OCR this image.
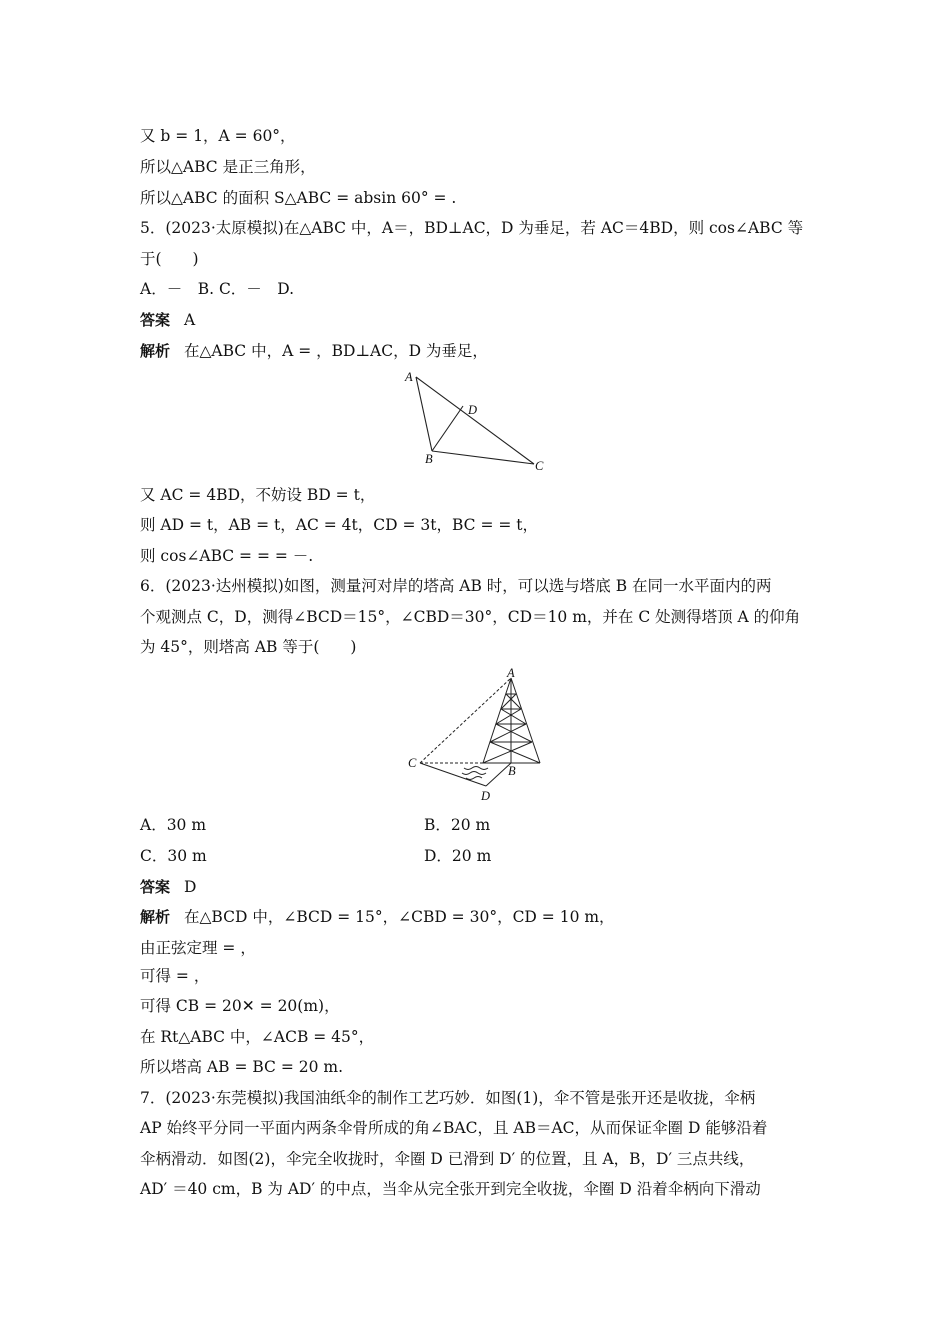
又 b = 1，A = 60°，
所以△ABC 是正三角形，
所以△ABC 的面积 S△ABC = absin 60° = .
5．(2023·太原模拟)在△ABC 中，A＝，BD⊥AC，D 为垂足，若 AC＝4BD，则 cos∠ABC 等
于(　　)
A．－　B. C．－　D.
答案 A
解析 在△ABC 中，A = ，BD⊥AC，D 为垂足，
A
B	C
D
又 AC = 4BD，不妨设 BD = t，
则 AD = t，AB = t，AC = 4t，CD = 3t，BC = = t，
则 cos∠ABC = = = －.
6．(2023·达州模拟)如图，测量河对岸的塔高 AB 时，可以选与塔底 B 在同一水平面内的两
个观测点 C，D，测得∠BCD＝15°，∠CBD＝30°，CD＝10 m，并在 C 处测得塔顶 A 的仰角
为 45°，则塔高 AB 等于(　　)
A
B
C
D
A．30 m	B．20 m
C．30 m	D．20 m
答案 D
解析 在△BCD 中，∠BCD = 15°，∠CBD = 30°，CD = 10 m，
由正弦定理 = ，
可得 = ，
可得 CB = 20✕ = 20(m)，
在 Rt△ABC 中，∠ACB = 45°，
所以塔高 AB = BC = 20 m.
7．(2023·东莞模拟)我国油纸伞的制作工艺巧妙．如图(1)，伞不管是张开还是收拢，伞柄
AP 始终平分同一平面内两条伞骨所成的角∠BAC，且 AB＝AC，从而保证伞圈 D 能够沿着
伞柄滑动．如图(2)，伞完全收拢时，伞圈 D 已滑到 D′ 的位置，且 A，B，D′ 三点共线，
AD′ ＝40 cm，B 为 AD′ 的中点，当伞从完全张开到完全收拢，伞圈 D 沿着伞柄向下滑动
